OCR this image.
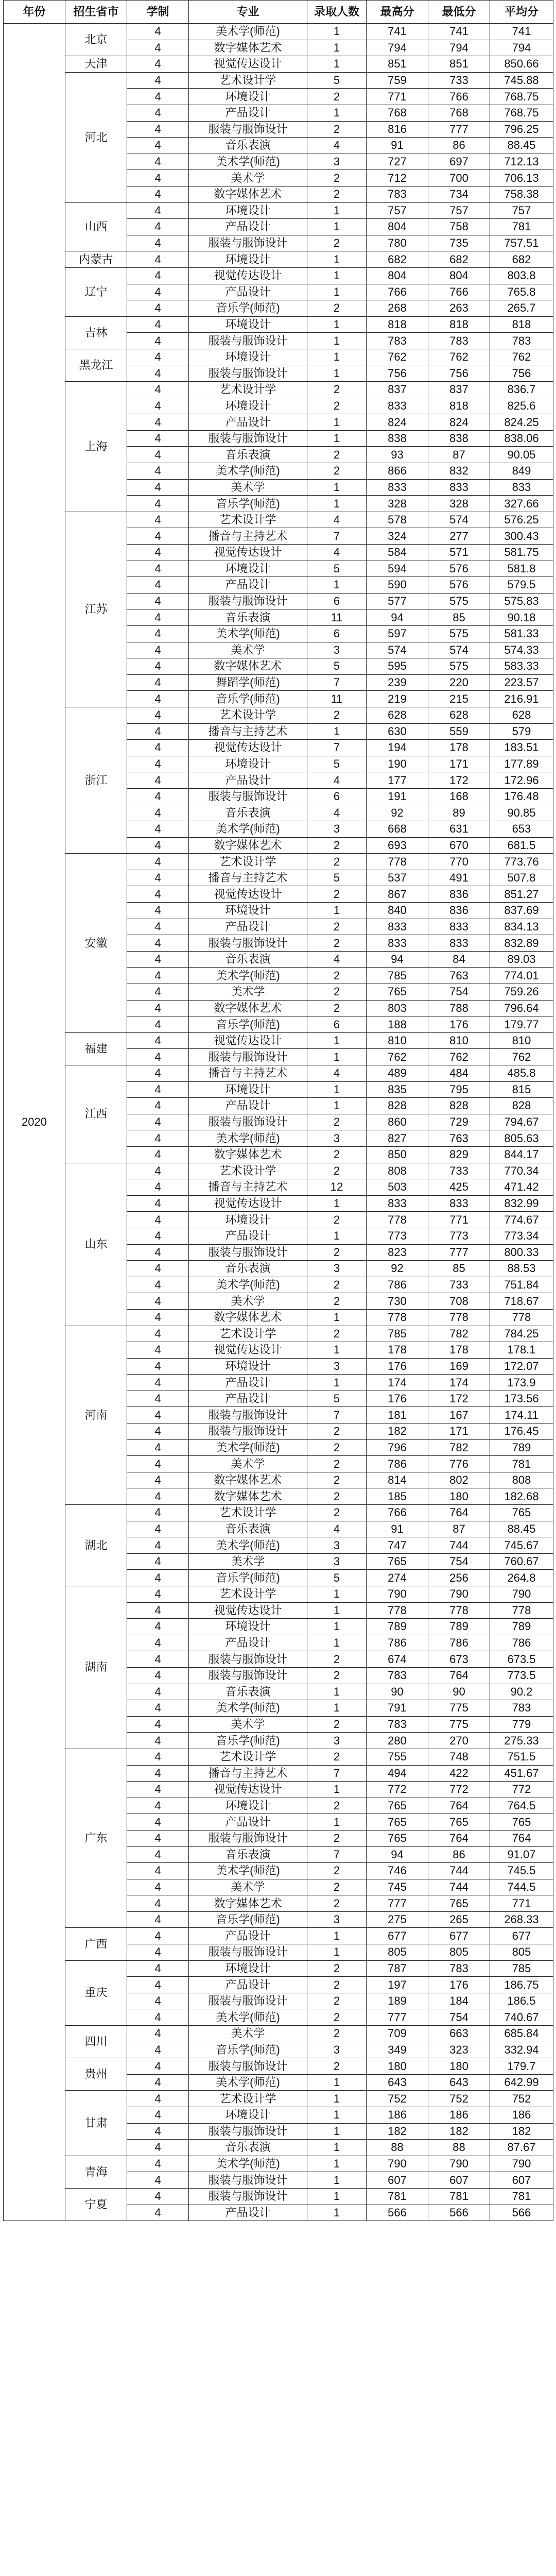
年份	招生省市	学制	专业	录取人数	最高分	最低分	平均分
2020	北京	4	美术学(师范)	1	741	741	741
		4	数字媒体艺术	1	794	794	794
	天津	4	视觉传达设计	1	851	851	850.66
	河北	4	艺术设计学	5	759	733	745.88
		4	环境设计	2	771	766	768.75
		4	产品设计	1	768	768	768.75
		4	服装与服饰设计	2	816	777	796.25
		4	音乐表演	4	91	86	88.45
		4	美术学(师范)	3	727	697	712.13
		4	美术学	2	712	700	706.13
		4	数字媒体艺术	2	783	734	758.38
	山西	4	环境设计	1	757	757	757
		4	产品设计	1	804	758	781
		4	服装与服饰设计	2	780	735	757.51
	内蒙古	4	环境设计	1	682	682	682
	辽宁	4	视觉传达设计	1	804	804	803.8
		4	产品设计	1	766	766	765.8
		4	音乐学(师范)	2	268	263	265.7
	吉林	4	环境设计	1	818	818	818
		4	服装与服饰设计	1	783	783	783
	黑龙江	4	环境设计	1	762	762	762
		4	服装与服饰设计	1	756	756	756
	上海	4	艺术设计学	2	837	837	836.7
		4	环境设计	2	833	818	825.6
		4	产品设计	1	824	824	824.25
		4	服装与服饰设计	1	838	838	838.06
		4	音乐表演	2	93	87	90.05
		4	美术学(师范)	2	866	832	849
		4	美术学	1	833	833	833
		4	音乐学(师范)	1	328	328	327.66
	江苏	4	艺术设计学	4	578	574	576.25
		4	播音与主持艺术	7	324	277	300.43
		4	视觉传达设计	4	584	571	581.75
		4	环境设计	5	594	576	581.8
		4	产品设计	1	590	576	579.5
		4	服装与服饰设计	6	577	575	575.83
		4	音乐表演	11	94	85	90.18
		4	美术学(师范)	6	597	575	581.33
		4	美术学	3	574	574	574.33
		4	数字媒体艺术	5	595	575	583.33
		4	舞蹈学(师范)	7	239	220	223.57
		4	音乐学(师范)	11	219	215	216.91
	浙江	4	艺术设计学	2	628	628	628
		4	播音与主持艺术	1	630	559	579
		4	视觉传达设计	7	194	178	183.51
		4	环境设计	5	190	171	177.89
		4	产品设计	4	177	172	172.96
		4	服装与服饰设计	6	191	168	176.48
		4	音乐表演	4	92	89	90.85
		4	美术学(师范)	3	668	631	653
		4	数字媒体艺术	2	693	670	681.5
	安徽	4	艺术设计学	2	778	770	773.76
		4	播音与主持艺术	5	537	491	507.8
		4	视觉传达设计	2	867	836	851.27
		4	环境设计	1	840	836	837.69
		4	产品设计	2	833	833	834.13
		4	服装与服饰设计	2	833	833	832.89
		4	音乐表演	4	94	84	89.03
		4	美术学(师范)	2	785	763	774.01
		4	美术学	2	765	754	759.26
		4	数字媒体艺术	2	803	788	796.64
		4	音乐学(师范)	6	188	176	179.77
	福建	4	视觉传达设计	1	810	810	810
		4	服装与服饰设计	1	762	762	762
	江西	4	播音与主持艺术	4	489	484	485.8
		4	环境设计	1	835	795	815
		4	产品设计	1	828	828	828
		4	服装与服饰设计	2	860	729	794.67
		4	美术学(师范)	3	827	763	805.63
		4	数字媒体艺术	2	850	829	844.17
	山东	4	艺术设计学	2	808	733	770.34
		4	播音与主持艺术	12	503	425	471.42
		4	视觉传达设计	1	833	833	832.99
		4	环境设计	2	778	771	774.67
		4	产品设计	1	773	773	773.34
		4	服装与服饰设计	2	823	777	800.33
		4	音乐表演	3	92	85	88.53
		4	美术学(师范)	2	786	733	751.84
		4	美术学	2	730	708	718.67
		4	数字媒体艺术	1	778	778	778
	河南	4	艺术设计学	2	785	782	784.25
		4	视觉传达设计	1	178	178	178.1
		4	环境设计	3	176	169	172.07
		4	产品设计	1	174	174	173.9
		4	产品设计	5	176	172	173.56
		4	服装与服饰设计	7	181	167	174.11
		4	服装与服饰设计	2	182	171	176.45
		4	美术学(师范)	2	796	782	789
		4	美术学	2	786	776	781
		4	数字媒体艺术	2	814	802	808
		4	数字媒体艺术	2	185	180	182.68
	湖北	4	艺术设计学	2	766	764	765
		4	音乐表演	4	91	87	88.45
		4	美术学(师范)	3	747	744	745.67
		4	美术学	3	765	754	760.67
		4	音乐学(师范)	5	274	256	264.8
	湖南	4	艺术设计学	1	790	790	790
		4	视觉传达设计	1	778	778	778
		4	环境设计	1	789	789	789
		4	产品设计	1	786	786	786
		4	服装与服饰设计	2	674	673	673.5
		4	服装与服饰设计	2	783	764	773.5
		4	音乐表演	1	90	90	90.2
		4	美术学(师范)	1	791	775	783
		4	美术学	2	783	775	779
		4	音乐学(师范)	3	280	270	275.33
	广东	4	艺术设计学	2	755	748	751.5
		4	播音与主持艺术	7	494	422	451.67
		4	视觉传达设计	1	772	772	772
		4	环境设计	2	765	764	764.5
		4	产品设计	1	765	765	765
		4	服装与服饰设计	2	765	764	764
		4	音乐表演	7	94	86	91.07
		4	美术学(师范)	2	746	744	745.5
		4	美术学	2	745	744	744.5
		4	数字媒体艺术	2	777	765	771
		4	音乐学(师范)	3	275	265	268.33
	广西	4	产品设计	1	677	677	677
		4	服装与服饰设计	1	805	805	805
	重庆	4	环境设计	2	787	783	785
		4	产品设计	2	197	176	186.75
		4	服装与服饰设计	2	189	184	186.5
		4	美术学(师范)	2	777	754	740.67
	四川	4	美术学	2	709	663	685.84
		4	音乐学(师范)	3	349	323	332.94
	贵州	4	服装与服饰设计	2	180	180	179.7
		4	美术学(师范)	1	643	643	642.99
	甘肃	4	艺术设计学	1	752	752	752
		4	环境设计	1	186	186	186
		4	服装与服饰设计	1	182	182	182
		4	音乐表演	1	88	88	87.67
	青海	4	美术学(师范)	1	790	790	790
		4	服装与服饰设计	1	607	607	607
	宁夏	4	服装与服饰设计	1	781	781	781
		4	产品设计	1	566	566	566
